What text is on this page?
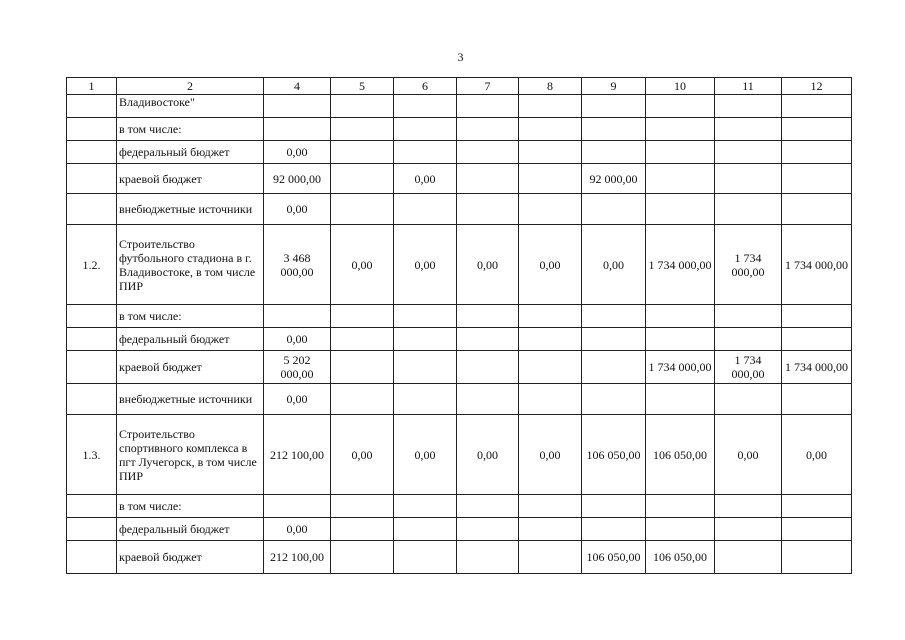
3
1	2	4	5	6	7	8	9	10	11	12
	Владивостоке"									
	в том числе:									
	федеральный бюджет	0,00								
	краевой бюджет	92 000,00		0,00			92 000,00			
	внебюджетные источники	0,00								
1.2.	Строительство футбольного стадиона в г. Владивостоке, в том числе ПИР	3 468 000,00	0,00	0,00	0,00	0,00	0,00	1 734 000,00	1 734 000,00	1 734 000,00
	в том числе:									
	федеральный бюджет	0,00								
	краевой бюджет	5 202 000,00						1 734 000,00	1 734 000,00	1 734 000,00
	внебюджетные источники	0,00								
1.3.	Строительство спортивного комплекса в пгт Лучегорск, в том числе ПИР	212 100,00	0,00	0,00	0,00	0,00	106 050,00	106 050,00	0,00	0,00
	в том числе:									
	федеральный бюджет	0,00								
	краевой бюджет	212 100,00					106 050,00	106 050,00		
